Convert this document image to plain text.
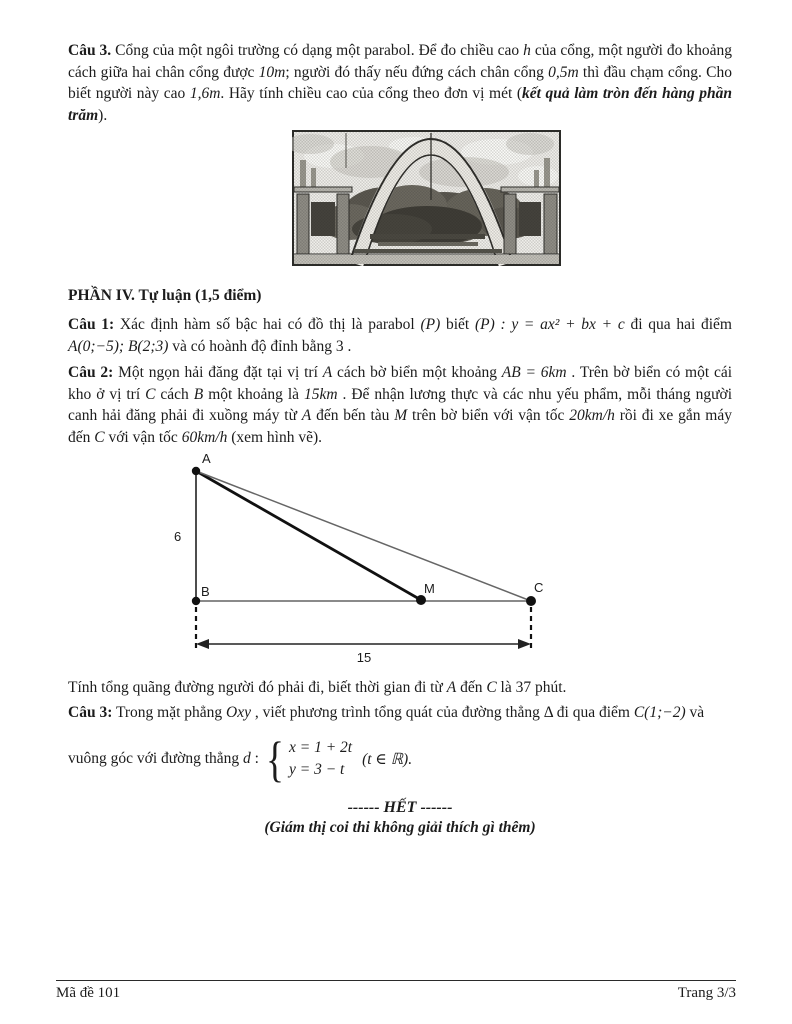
Câu 3. Cổng của một ngôi trường có dạng một parabol. Để đo chiều cao h của cổng, một người đo khoảng cách giữa hai chân cổng được 10m; người đó thấy nếu đứng cách chân cổng 0,5m thì đầu chạm cổng. Cho biết người này cao 1,6m. Hãy tính chiều cao của cổng theo đơn vị mét (kết quả làm tròn đến hàng phần trăm).

PHẦN IV. Tự luận (1,5 điểm)

Câu 1: Xác định hàm số bậc hai có đồ thị là parabol (P) biết (P) : y = ax² + bx + c đi qua hai điểm A(0;−5); B(2;3) và có hoành độ đỉnh bằng 3 .

Câu 2: Một ngọn hải đăng đặt tại vị trí A cách bờ biển một khoảng AB = 6km . Trên bờ biển có một cái kho ở vị trí C cách B một khoảng là 15km . Để nhận lương thực và các nhu yếu phẩm, mỗi tháng người canh hải đăng phải đi xuồng máy từ A đến bến tàu M trên bờ biển với vận tốc 20km/h rồi đi xe gắn máy đến C với vận tốc 60km/h (xem hình vẽ).

A
B	M	C
6
15

Tính tổng quãng đường người đó phải đi, biết thời gian đi từ A đến C là 37 phút.

Câu 3: Trong mặt phẳng Oxy , viết phương trình tổng quát của đường thẳng Δ đi qua điểm C(1;−2) và

vuông góc với đường thẳng d : { x = 1 + 2t
y = 3 − t
(t ∈ ℝ).
------ HẾT ------
(Giám thị coi thi không giải thích gì thêm)
Mã đề 101	Trang 3/3
